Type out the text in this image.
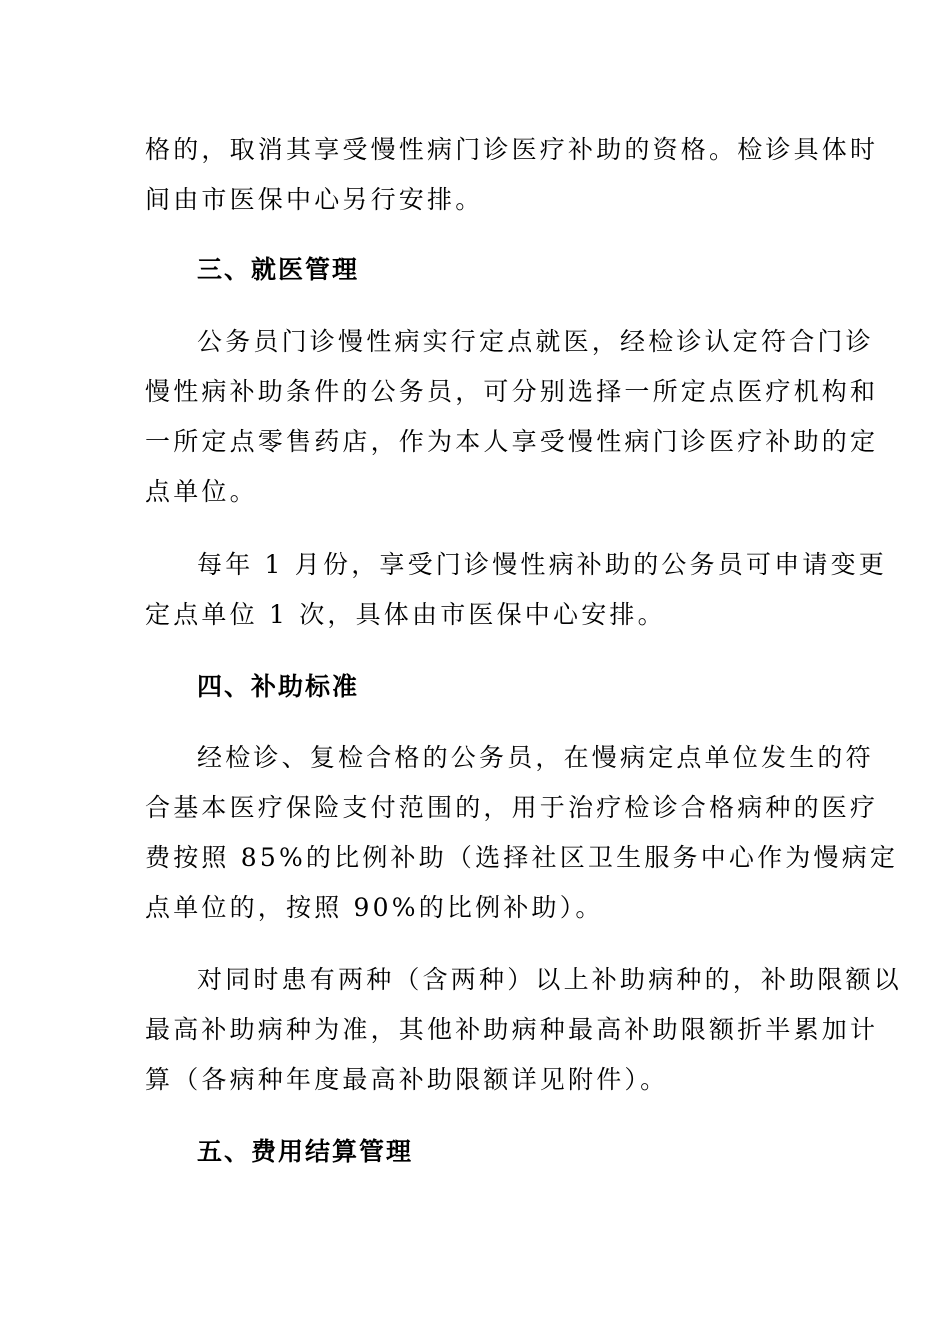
格的，取消其享受慢性病门诊医疗补助的资格。检诊具体时
间由市医保中心另行安排。
三、就医管理
公务员门诊慢性病实行定点就医，经检诊认定符合门诊
慢性病补助条件的公务员，可分别选择一所定点医疗机构和
一所定点零售药店，作为本人享受慢性病门诊医疗补助的定
点单位。
每年 1 月份，享受门诊慢性病补助的公务员可申请变更
定点单位 1 次，具体由市医保中心安排。
四、补助标准
经检诊、复检合格的公务员，在慢病定点单位发生的符
合基本医疗保险支付范围的，用于治疗检诊合格病种的医疗
费按照 85%的比例补助（选择社区卫生服务中心作为慢病定
点单位的，按照 90%的比例补助）。
对同时患有两种（含两种）以上补助病种的，补助限额以
最高补助病种为准，其他补助病种最高补助限额折半累加计
算（各病种年度最高补助限额详见附件）。
五、费用结算管理
